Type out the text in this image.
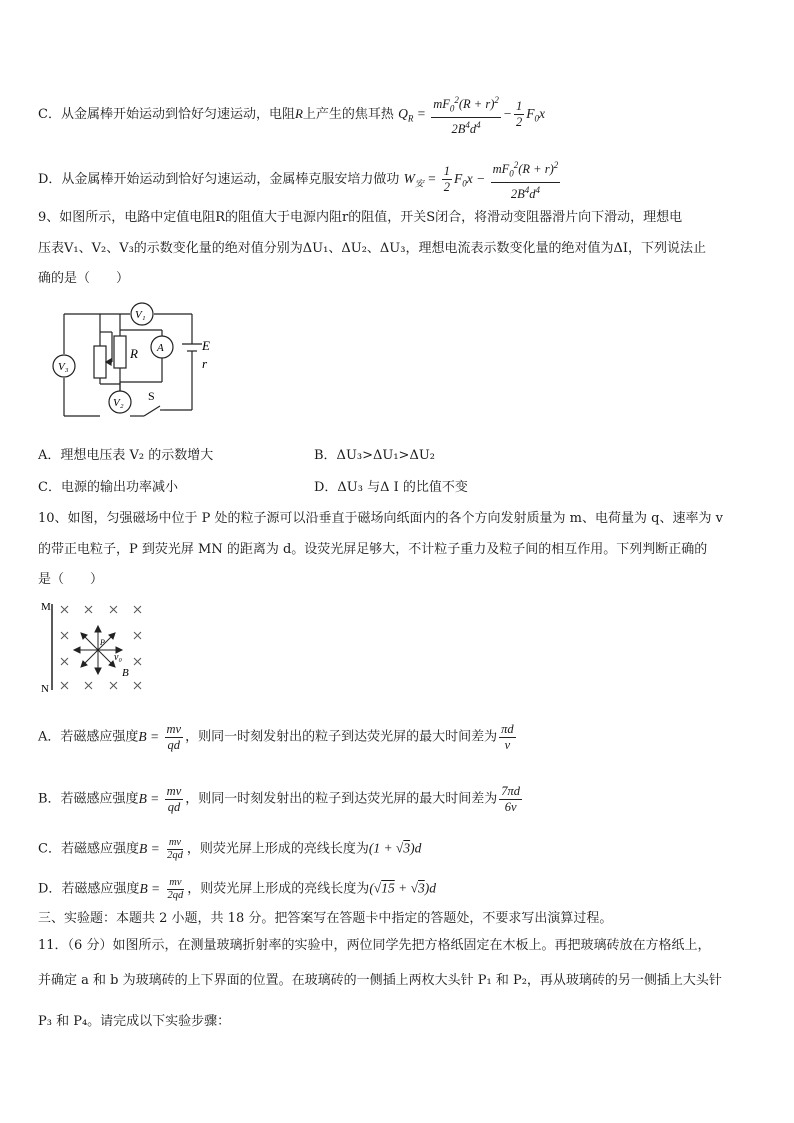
C．从金属棒开始运动到恰好匀速运动，电阻R上产生的焦耳热 $Q_R = \frac{mF_0^2(R + r)^2}{2B^4d^4} - \frac{1}{2} F_0x$
D．从金属棒开始运动到恰好匀速运动，金属棒克服安培力做功 $W_安 = \frac{1}{2} F_0x - \frac{mF_0^2(R + r)^2}{2B^4d^4}$
9、如图所示，电路中定值电阻R的阻值大于电源内阻r的阻值，开关S闭合，将滑动变阻器滑片向下滑动，理想电
压表V₁、V₂、V₃的示数变化量的绝对值分别为ΔU₁、ΔU₂、ΔU₃，理想电流表示数变化量的绝对值为ΔI，下列说法止
确的是（　　）
V₃
V₁
A
V₂
R
E
r
S
A．理想电压表 V₂ 的示数增大	B．ΔU₃>ΔU₁>ΔU₂
C．电源的输出功率减小	D．ΔU₃ 与Δ I 的比值不变
10、如图，匀强磁场中位于 P 处的粒子源可以沿垂直于磁场向纸面内的各个方向发射质量为 m、电荷量为 q、速率为 v
的带正电粒子，P 到荧光屏 MN 的距离为 d。设荧光屏足够大，不计粒子重力及粒子间的相互作用。下列判断正确的
是（　　）
M
N
P
v₀
B
A．若磁感应强度$B = \frac{mv}{qd}$ ，则同一时刻发射出的粒子到达荧光屏的最大时间差为 $\frac{\pi d}{v}$
B．若磁感应强度$B = \frac{mv}{qd}$ ，则同一时刻发射出的粒子到达荧光屏的最大时间差为 $\frac{7\pi d}{6v}$
C．若磁感应强度$B = \frac{mv}{2qd}$ ，则荧光屏上形成的亮线长度为(1 + √3)d
D．若磁感应强度$B = \frac{mv}{2qd}$ ，则荧光屏上形成的亮线长度为(√15 + √3)d
三、实验题：本题共 2 小题，共 18 分。把答案写在答题卡中指定的答题处，不要求写出演算过程。
11．（6 分）如图所示，在测量玻璃折射率的实验中，两位同学先把方格纸固定在木板上。再把玻璃砖放在方格纸上，
并确定 a 和 b 为玻璃砖的上下界面的位置。在玻璃砖的一侧插上两枚大头针 P₁ 和 P₂，再从玻璃砖的另一侧插上大头针
P₃ 和 P₄。请完成以下实验步骤：
